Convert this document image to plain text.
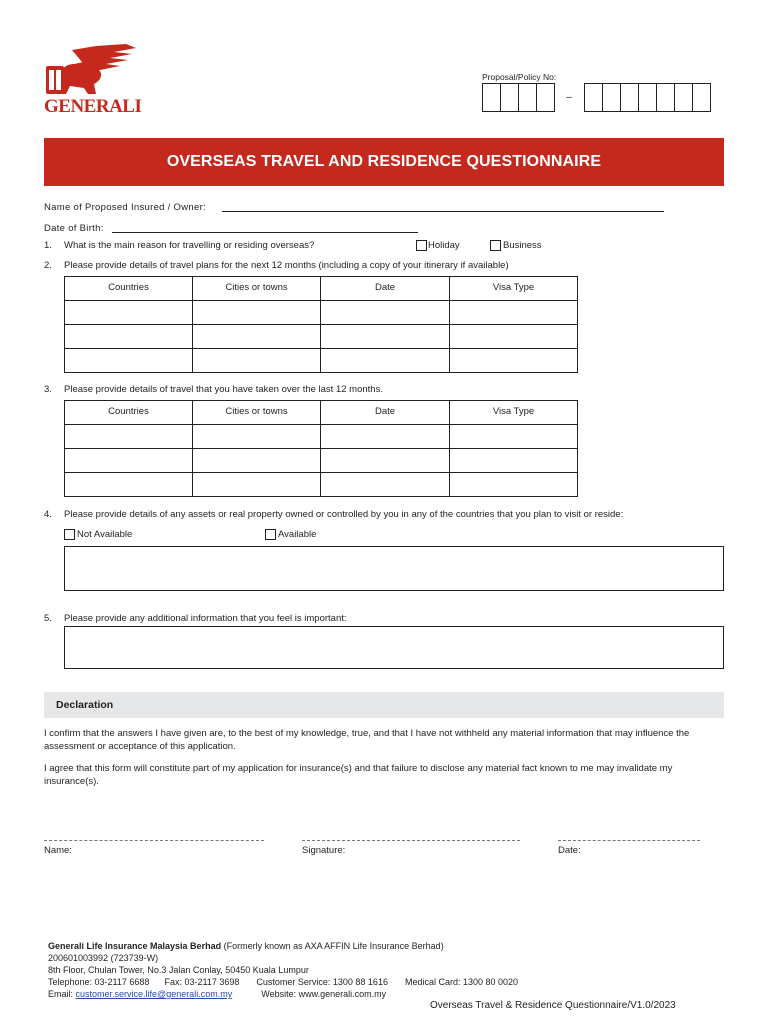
GENERALI
Proposal/Policy No:
–
OVERSEAS TRAVEL AND RESIDENCE QUESTIONNAIRE
Name of Proposed Insured / Owner:
Date of Birth:
1. What is the main reason for travelling or residing overseas?	Holiday	Business
2. Please provide details of travel plans for the next 12 months (including a copy of your itinerary if available)
Countries	Cities or towns	Date	Visa Type

3. Please provide details of travel that you have taken over the last 12 months.
Countries	Cities or towns	Date	Visa Type

4. Please provide details of any assets or real property owned or controlled by you in any of the countries that you plan to visit or reside:
Not Available	Available
5. Please provide any additional information that you feel is important:
Declaration
I confirm that the answers I have given are, to the best of my knowledge, true, and that I have not withheld any material information that may influence the assessment or acceptance of this application.
I agree that this form will constitute part of my application for insurance(s) and that failure to disclose any material fact known to me may invalidate my insurance(s).
Name:	Signature:	Date:
Generali Life Insurance Malaysia Berhad (Formerly known as AXA AFFIN Life Insurance Berhad)
200601003992 (723739-W)
8th Floor, Chulan Tower, No.3 Jalan Conlay, 50450 Kuala Lumpur
Telephone: 03-2117 6688 Fax: 03-2117 3698 Customer Service: 1300 88 1616 Medical Card: 1300 80 0020
Email: customer.service.life@generali.com.my	Website: www.generali.com.my
Overseas Travel & Residence Questionnaire/V1.0/2023
